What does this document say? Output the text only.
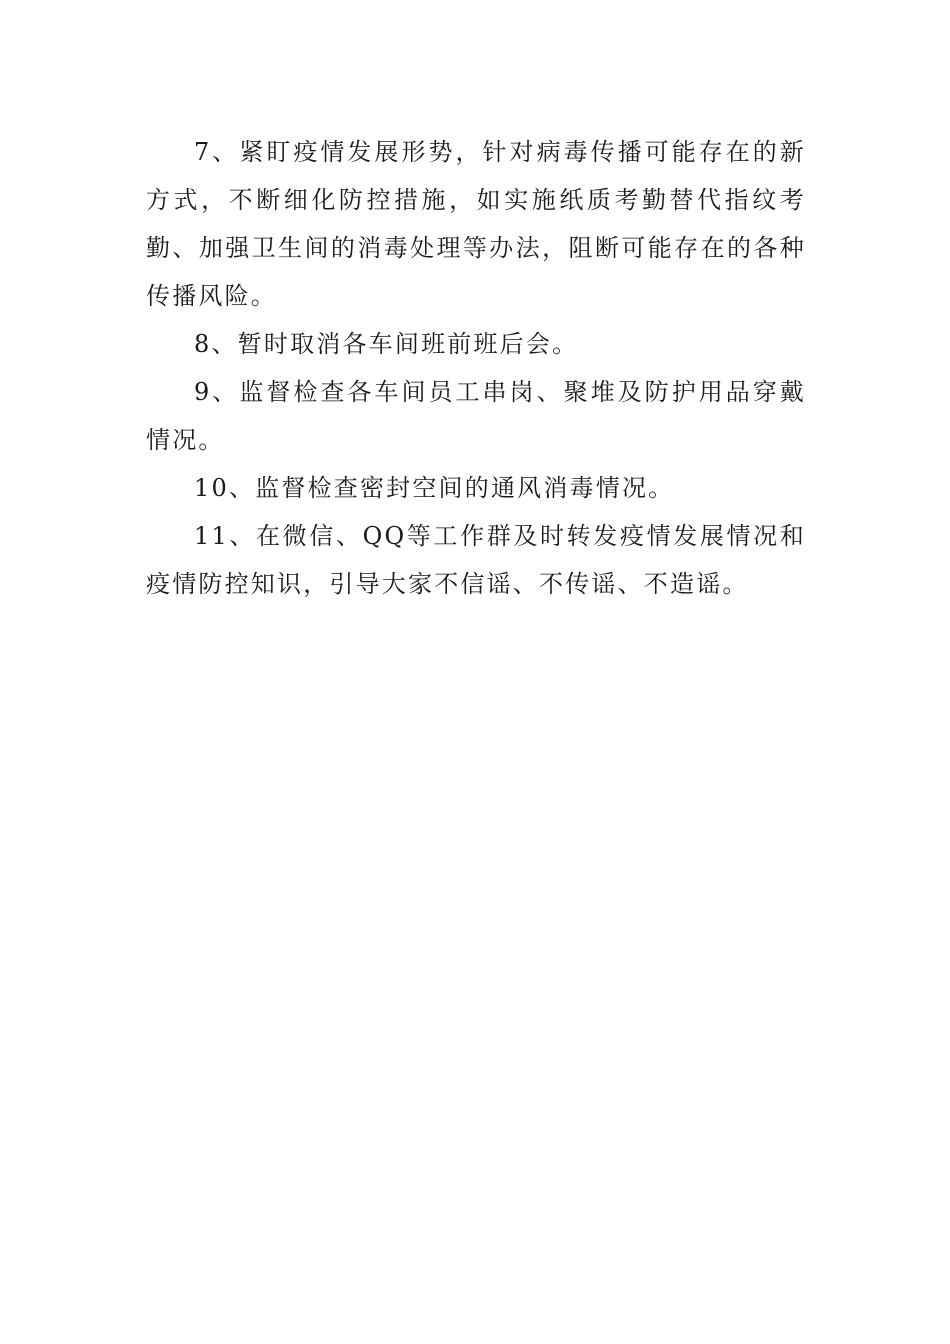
7、紧盯疫情发展形势，针对病毒传播可能存在的新方式，不断细化防控措施，如实施纸质考勤替代指纹考勤、加强卫生间的消毒处理等办法，阻断可能存在的各种传播风险。

8、暂时取消各车间班前班后会。

9、监督检查各车间员工串岗、聚堆及防护用品穿戴情况。

10、监督检查密封空间的通风消毒情况。

11、在微信、QQ等工作群及时转发疫情发展情况和疫情防控知识，引导大家不信谣、不传谣、不造谣。
